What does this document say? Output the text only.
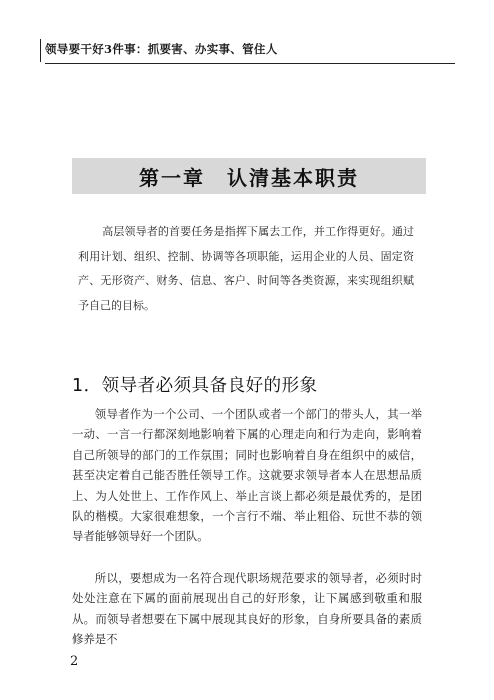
领导要干好3件事：抓要害、办实事、管住人
第一章　认清基本职责

高层领导者的首要任务是指挥下属去工作，并工作得更好。通过利用计划、组织、控制、协调等各项职能，运用企业的人员、固定资产、无形资产、财务、信息、客户、时间等各类资源，来实现组织赋予自己的目标。

1．领导者必须具备良好的形象

领导者作为一个公司、一个团队或者一个部门的带头人，其一举一动、一言一行都深刻地影响着下属的心理走向和行为走向，影响着自己所领导的部门的工作氛围；同时也影响着自身在组织中的威信，甚至决定着自己能否胜任领导工作。这就要求领导者本人在思想品质上、为人处世上、工作作风上、举止言谈上都必须是最优秀的，是团队的楷模。大家很难想象，一个言行不端、举止粗俗、玩世不恭的领导者能够领导好一个团队。

所以，要想成为一名符合现代职场规范要求的领导者，必须时时处处注意在下属的面前展现出自己的好形象，让下属感到敬重和服从。而领导者想要在下属中展现其良好的形象，自身所要具备的素质修养是不

2
